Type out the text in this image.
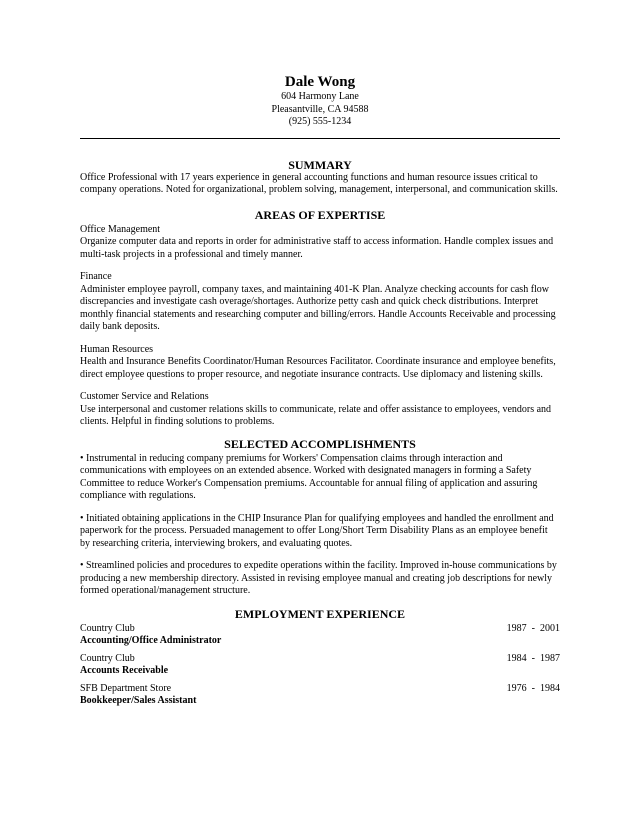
Dale Wong
604 Harmony Lane
Pleasantville, CA 94588
(925) 555-1234
SUMMARY
Office Professional with 17 years experience in general accounting functions and human resource issues critical to company operations. Noted for organizational, problem solving, management, interpersonal, and communication skills.
AREAS OF EXPERTISE
Office Management
Organize computer data and reports in order for administrative staff to access information. Handle complex issues and multi-task projects in a professional and timely manner.
Finance
Administer employee payroll, company taxes, and maintaining 401-K Plan. Analyze checking accounts for cash flow discrepancies and investigate cash overage/shortages. Authorize petty cash and quick check distributions. Interpret monthly financial statements and researching computer and billing/errors. Handle Accounts Receivable and processing daily bank deposits.
Human Resources
Health and Insurance Benefits Coordinator/Human Resources Facilitator. Coordinate insurance and employee benefits, direct employee questions to proper resource, and negotiate insurance contracts. Use diplomacy and listening skills.
Customer Service and Relations
Use interpersonal and customer relations skills to communicate, relate and offer assistance to employees, vendors and clients. Helpful in finding solutions to problems.
SELECTED ACCOMPLISHMENTS
• Instrumental in reducing company premiums for Workers' Compensation claims through interaction and communications with employees on an extended absence. Worked with designated managers in forming a Safety Committee to reduce Worker's Compensation premiums. Accountable for annual filing of application and assuring compliance with regulations.
• Initiated obtaining applications in the CHIP Insurance Plan for qualifying employees and handled the enrollment and paperwork for the process. Persuaded management to offer Long/Short Term Disability Plans as an employee benefit by researching criteria, interviewing brokers, and evaluating quotes.
• Streamlined policies and procedures to expedite operations within the facility. Improved in-house communications by producing a new membership directory. Assisted in revising employee manual and creating job descriptions for newly formed operational/management structure.
EMPLOYMENT EXPERIENCE
Country Club	1987  -  2001
Accounting/Office Administrator
Country Club	1984  -  1987
Accounts Receivable
SFB Department Store	1976  -  1984
Bookkeeper/Sales Assistant
